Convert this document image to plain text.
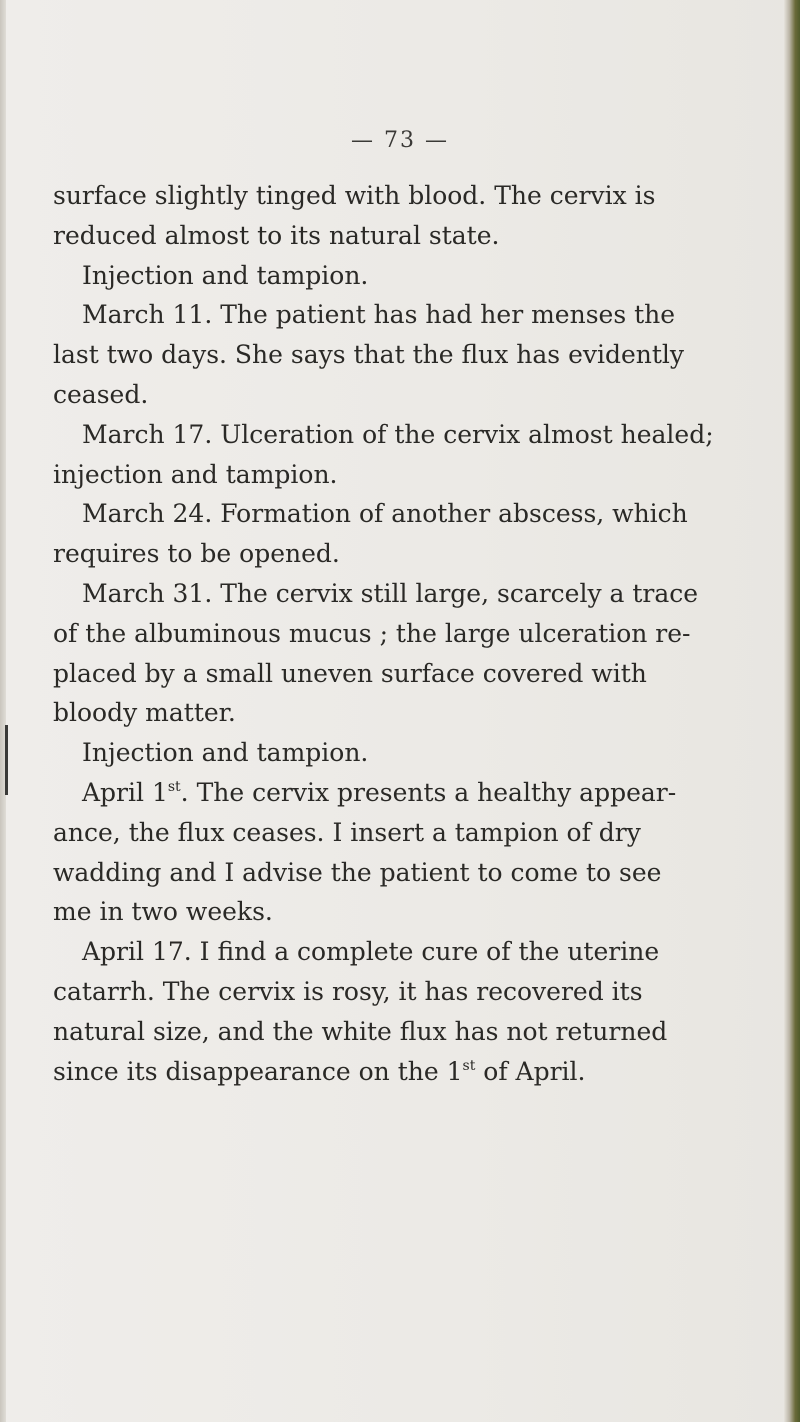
— 73 —
surface slightly tinged with blood. The cervix is
reduced almost to its natural state.
Injection and tampion.
March 11. The patient has had her menses the
last two days. She says that the flux has evidently
ceased.
March 17. Ulceration of the cervix almost healed;
injection and tampion.
March 24. Formation of another abscess, which
requires to be opened.
March 31. The cervix still large, scarcely a trace
of the albuminous mucus ; the large ulceration re-
placed by a small uneven surface covered with
bloody matter.
Injection and tampion.
April 1st. The cervix presents a healthy appear-
ance, the flux ceases. I insert a tampion of dry
wadding and I advise the patient to come to see
me in two weeks.
April 17. I find a complete cure of the uterine
catarrh. The cervix is rosy, it has recovered its
natural size, and the white flux has not returned
since its disappearance on the 1st of April.
